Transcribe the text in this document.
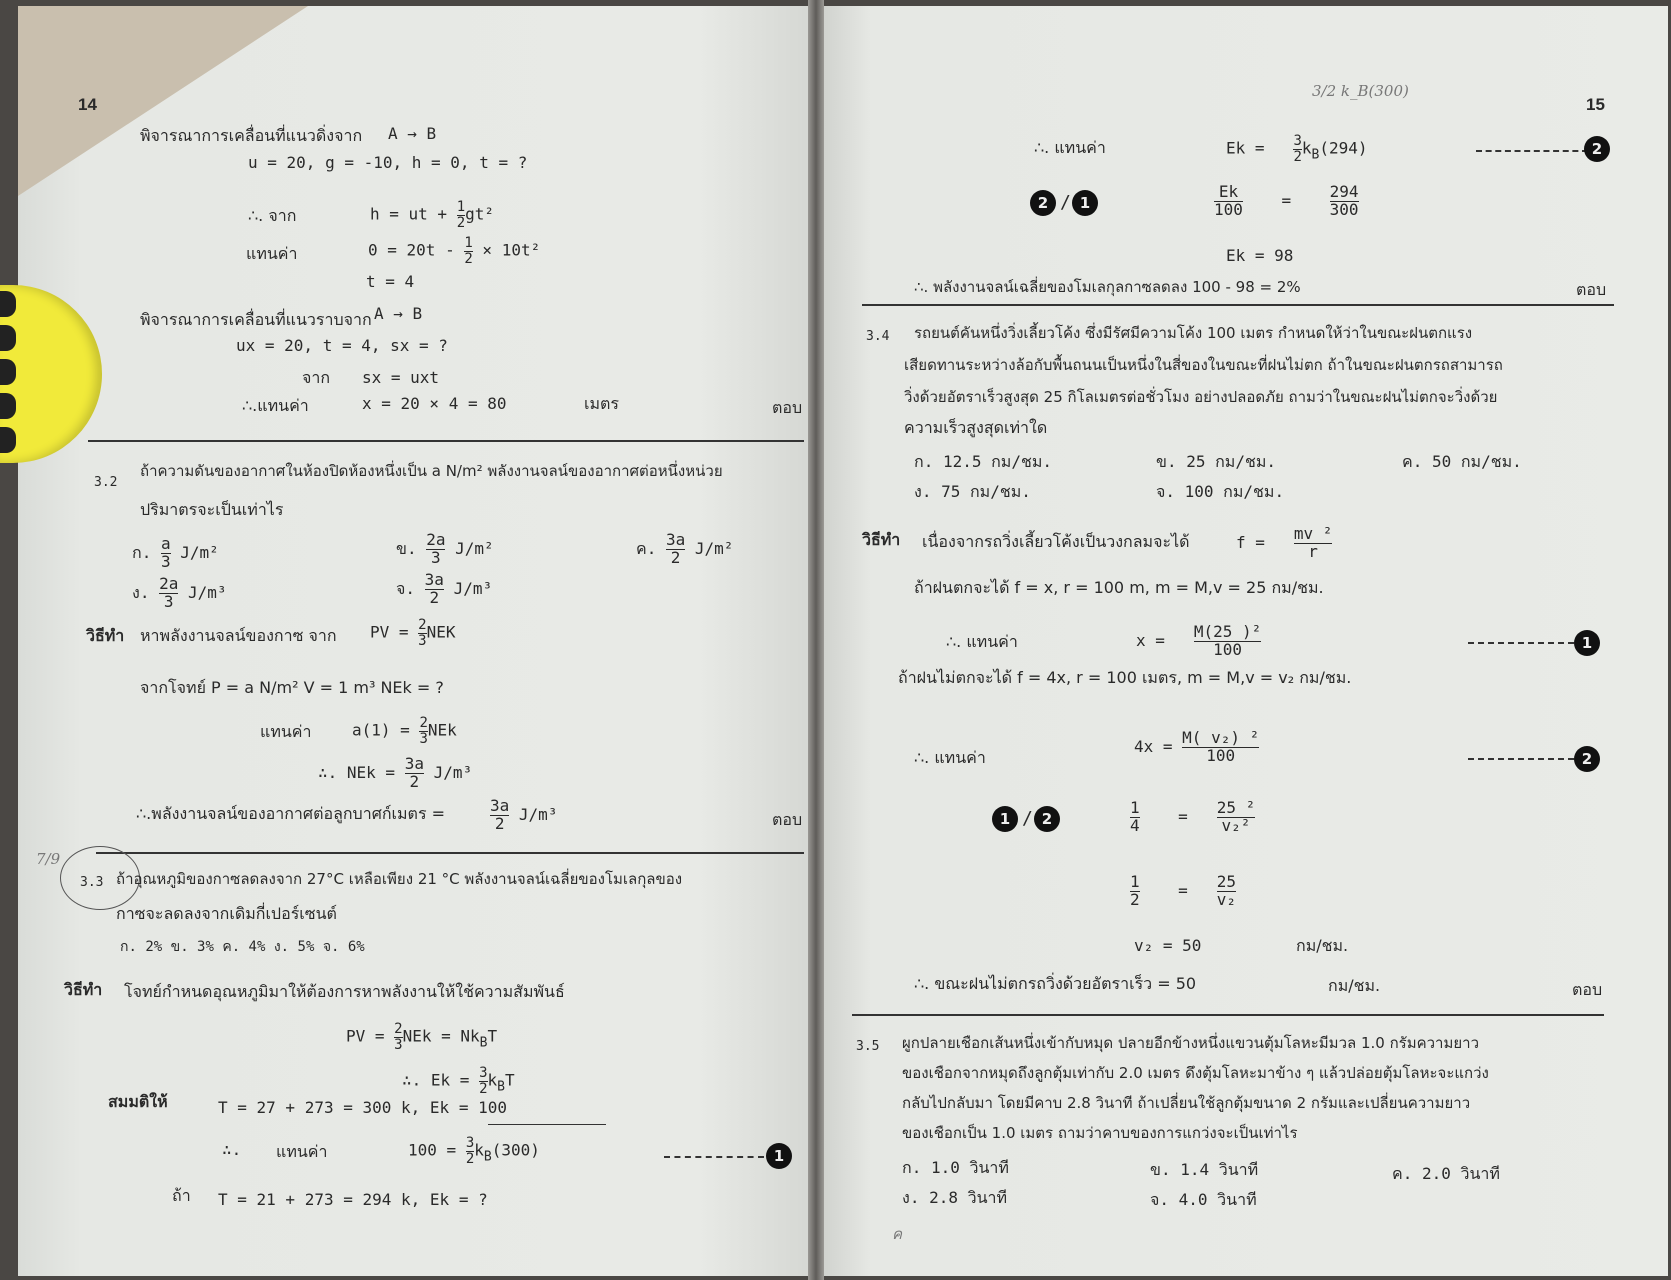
14
พิจารณาการเคลื่อนที่แนวดิ่งจาก A → B
u = 20, g = -10, h = 0, t = ?
∴. จาก	h = ut + $\frac{1}{2} gt^2$
แทนค่า	$0 = 20t - \frac{1}{2} \times 10t^2$
t = 4
พิจารณาการเคลื่อนที่แนวราบจาก A → B
ux = 20, t = 4, sx = ?
จาก sx = uxt
∴.แทนค่า	x = 20 × 4 = 80	เมตร	ตอบ
3.2
ถ้าความดันของอากาศในห้องปิดห้องหนึ่งเป็น a N/m² พลังงานจลน์ของอากาศต่อหนึ่งหน่วย
ปริมาตรจะเป็นเท่าไร
ก. $\frac{a}{3} J/m^2$	ข. $\frac{2a}{3} J/m^2$	ค. $\frac{3a}{2} J/m^2$
ง. $\frac{2a}{3} J/m^3$	จ. $\frac{3a}{2} J/m^3$
วิธีทำ หาพลังงานจลน์ของกาซ จาก PV = $\frac{2}{3}$ NEK
จากโจทย์ P = a N/m² V = 1 m³ NEk = ?
แทนค่า	$a(1) = \frac{2}{3}$ NEk
∴. NEk = $\frac{3a}{2} J/m^3$
∴.พลังงานจลน์ของอากาศต่อลูกบาศก์เมตร =	$\frac{3a}{2} J/m^3$	ตอบ
7/9
3.3 ถ้าอุณหภูมิของกาซลดลงจาก 27°C เหลือเพียง 21 °C พลังงานจลน์เฉลี่ยของโมเลกุลของ
กาซจะลดลงจากเดิมกี่เปอร์เซนต์
ก. 2% ข. 3% ค. 4% ง. 5% จ. 6%
วิธีทำ โจทย์กำหนดอุณหภูมิมาให้ต้องการหาพลังงานให้ใช้ความสัมพันธ์
PV = $\frac{2}{3}$ NEk = $Nk_BT$
∴. $Ek = \frac{3}{2} k_BT$
สมมติให้	T = 27 + 273 = 300 k, Ek = 100
∴. แทนค่า	$100 = \frac{3}{2} k_B(300)$	1
ถ้า T = 21 + 273 = 294 k, Ek = ?
3/2 k_B(300)
15
∴. แทนค่า	$Ek = \frac{3}{2} k_B(294)$	2
2 / 1	$\frac{Ek}{100} = \frac{294}{300}$
Ek = 98
∴. พลังงานจลน์เฉลี่ยของโมเลกุลกาซลดลง 100 - 98 = 2%	ตอบ
3.4 รถยนต์คันหนึ่งวิ่งเลี้ยวโค้ง ซึ่งมีรัศมีความโค้ง 100 เมตร กำหนดให้ว่าในขณะฝนตกแรง
เสียดทานระหว่างล้อกับพื้นถนนเป็นหนึ่งในสี่ของในขณะที่ฝนไม่ตก ถ้าในขณะฝนตกรถสามารถ
วิ่งด้วยอัตราเร็วสูงสุด 25 กิโลเมตรต่อชั่วโมง อย่างปลอดภัย ถามว่าในขณะฝนไม่ตกจะวิ่งด้วย
ความเร็วสูงสุดเท่าใด
ก. 12.5 กม/ชม.	ข. 25 กม/ชม.	ค. 50 กม/ชม.
ง. 75 กม/ชม.	จ. 100 กม/ชม.
วิธีทำ เนื่องจากรถวิ่งเลี้ยวโค้งเป็นวงกลมจะได้	$f = \frac{\text{mv ²}}{r}$
ถ้าฝนตกจะได้ f = x, r = 100 m, m = M,v = 25 กม/ชม.
∴. แทนค่า	$x = \frac{\text{M(25 )²}}{100}$	1
ถ้าฝนไม่ตกจะได้ f = 4x, r = 100 เมตร, m = M,v = v₂ กม/ชม.
∴. แทนค่า
$4x = \frac{\text{M( v₂) ²}}{100}$	2
1 / 2	$\frac{1}{4} = \frac{\text{25 ²}}{\text{v₂²}}$
$\frac{1}{2} = \frac{25}{\text{v₂}}$
v₂ = 50	กม/ชม.
∴. ขณะฝนไม่ตกรถวิ่งด้วยอัตราเร็ว = 50	กม/ชม.	ตอบ
3.5 ผูกปลายเชือกเส้นหนึ่งเข้ากับหมุด ปลายอีกข้างหนึ่งแขวนตุ้มโลหะมีมวล 1.0 กรัมความยาว
ของเชือกจากหมุดถึงลูกตุ้มเท่ากับ 2.0 เมตร ดึงตุ้มโลหะมาข้าง ๆ แล้วปล่อยตุ้มโลหะจะแกว่ง
กลับไปกลับมา โดยมีคาบ 2.8 วินาที ถ้าเปลี่ยนใช้ลูกตุ้มขนาด 2 กรัมและเปลี่ยนความยาว
ของเชือกเป็น 1.0 เมตร ถามว่าคาบของการแกว่งจะเป็นเท่าไร
ก. 1.0 วินาที	ข. 1.4 วินาที	ค. 2.0 วินาที
ง. 2.8 วินาที	จ. 4.0 วินาที
ค
